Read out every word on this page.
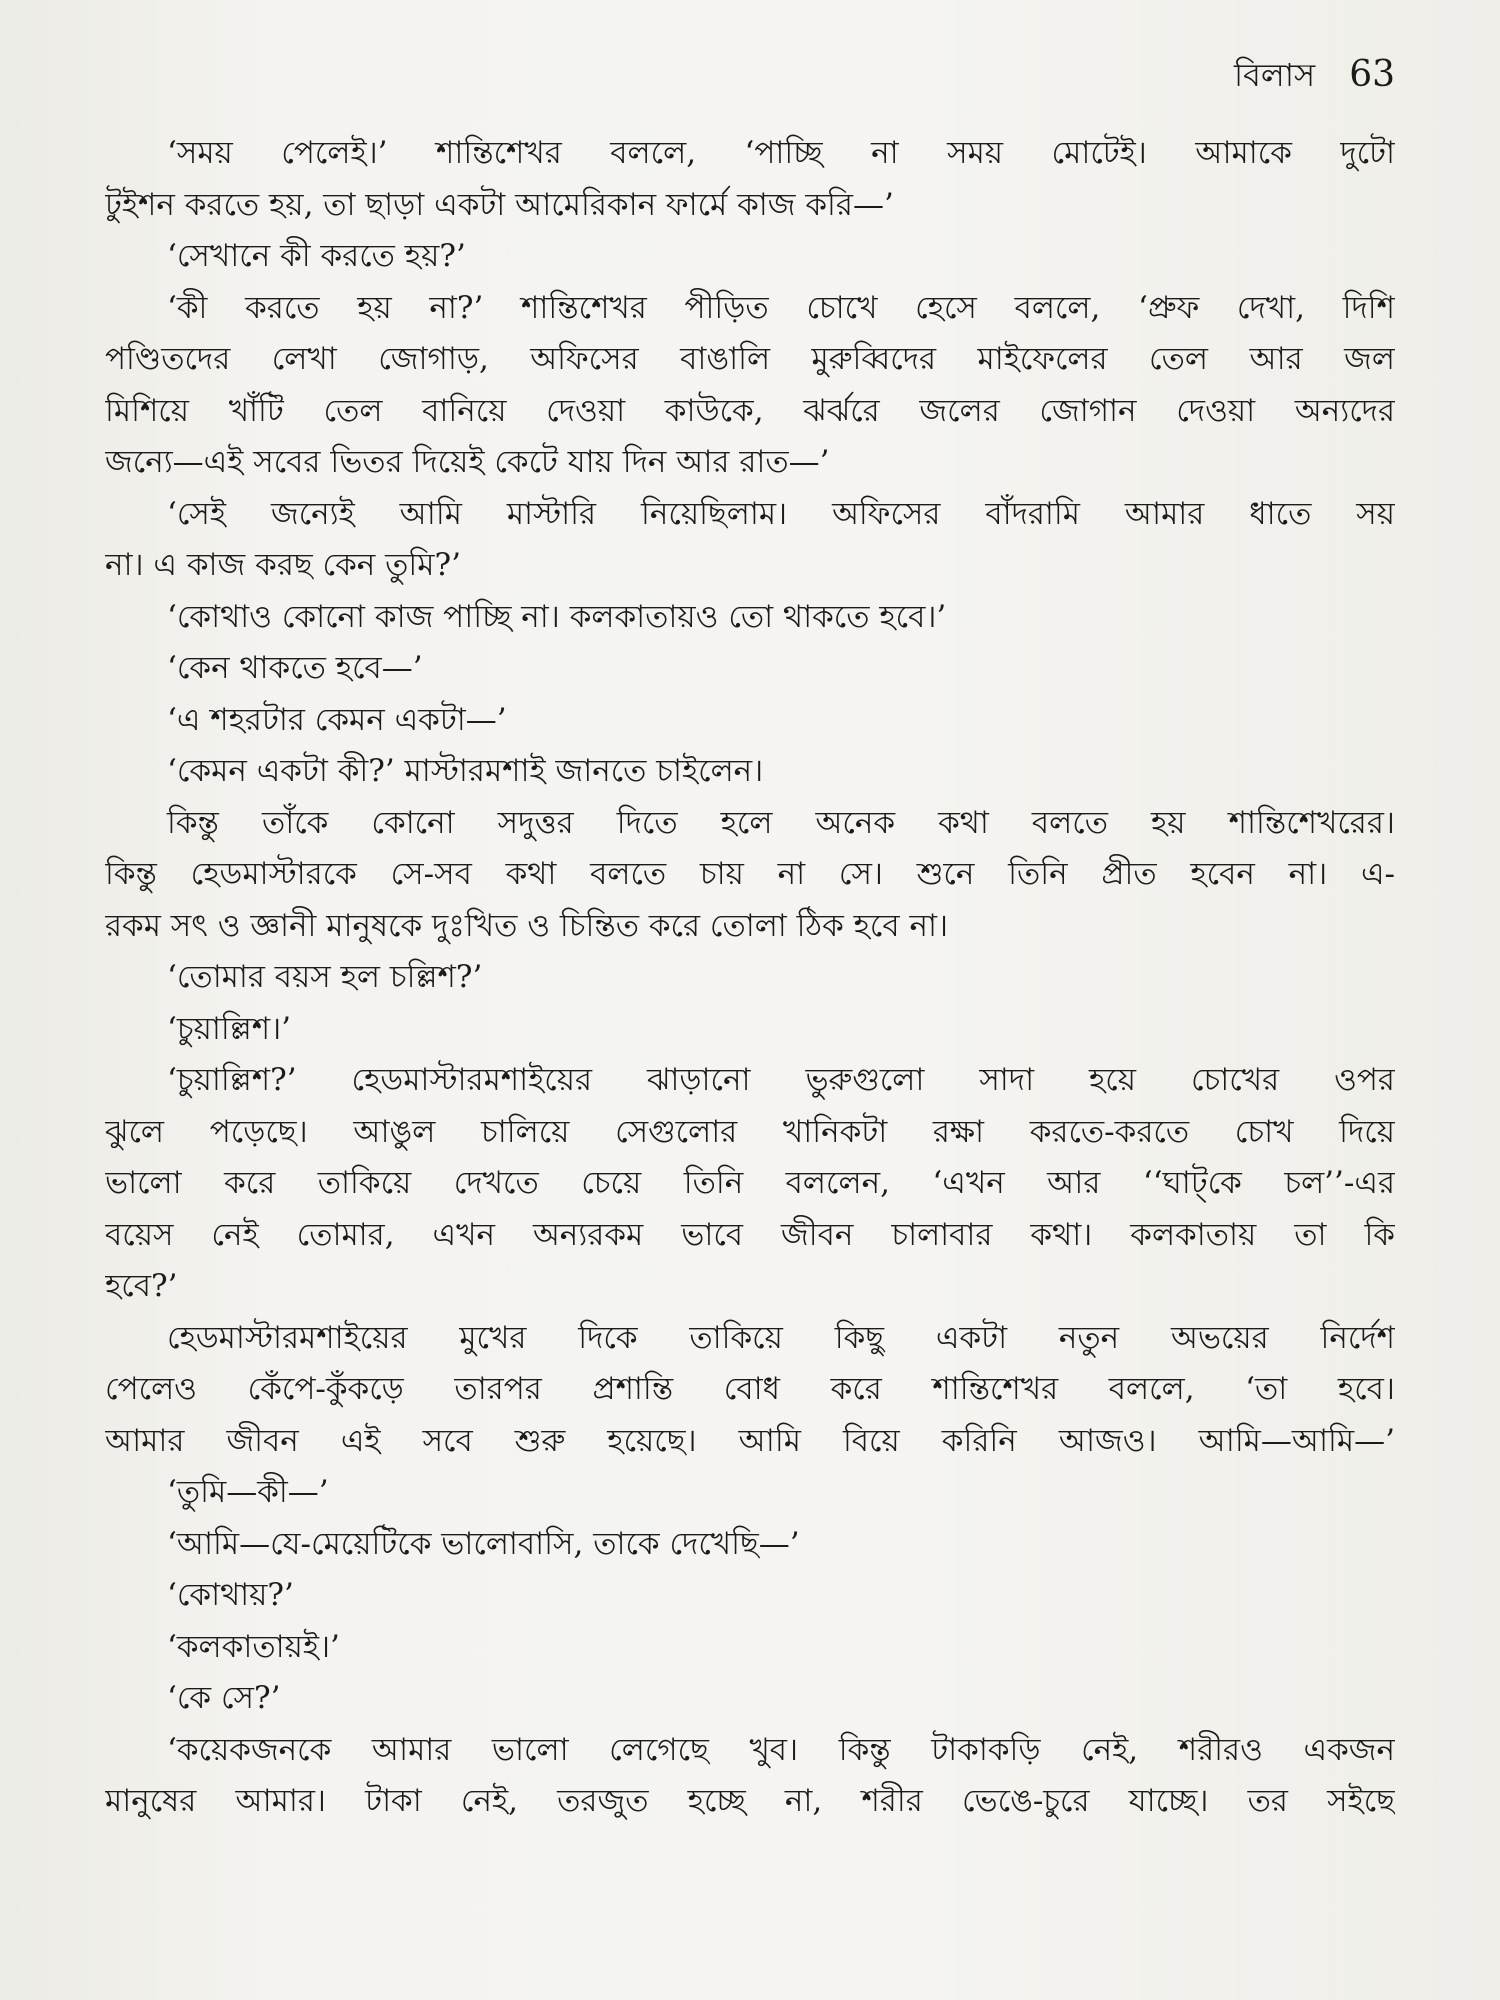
বিলাস 63
‘সময় পেলেই।’ শান্তিশেখর বললে, ‘পাচ্ছি না সময় মোটেই। আমাকে দুটো
টুইশন করতে হয়, তা ছাড়া একটা আমেরিকান ফার্মে কাজ করি—’
‘সেখানে কী করতে হয়?’
‘কী করতে হয় না?’ শান্তিশেখর পীড়িত চোখে হেসে বললে, ‘প্রুফ দেখা, দিশি
পণ্ডিতদের লেখা জোগাড়, অফিসের বাঙালি মুরুব্বিদের মাইফেলের তেল আর জল
মিশিয়ে খাঁটি তেল বানিয়ে দেওয়া কাউকে, ঝর্ঝরে জলের জোগান দেওয়া অন্যদের
জন্যে—এই সবের ভিতর দিয়েই কেটে যায় দিন আর রাত—’
‘সেই জন্যেই আমি মাস্টারি নিয়েছিলাম। অফিসের বাঁদরামি আমার ধাতে সয়
না। এ কাজ করছ কেন তুমি?’
‘কোথাও কোনো কাজ পাচ্ছি না। কলকাতায়ও তো থাকতে হবে।’
‘কেন থাকতে হবে—’
‘এ শহরটার কেমন একটা—’
‘কেমন একটা কী?’ মাস্টারমশাই জানতে চাইলেন।
কিন্তু তাঁকে কোনো সদুত্তর দিতে হলে অনেক কথা বলতে হয় শান্তিশেখরের।
কিন্তু হেডমাস্টারকে সে-সব কথা বলতে চায় না সে। শুনে তিনি প্রীত হবেন না। এ-
রকম সৎ ও জ্ঞানী মানুষকে দুঃখিত ও চিন্তিত করে তোলা ঠিক হবে না।
‘তোমার বয়স হল চল্লিশ?’
‘চুয়াল্লিশ।’
‘চুয়াল্লিশ?’ হেডমাস্টারমশাইয়ের ঝাড়ানো ভুরুগুলো সাদা হয়ে চোখের ওপর
ঝুলে পড়েছে। আঙুল চালিয়ে সেগুলোর খানিকটা রক্ষা করতে-করতে চোখ দিয়ে
ভালো করে তাকিয়ে দেখতে চেয়ে তিনি বললেন, ‘এখন আর ‘‘ঘাট্‌কে চল’’-এর
বয়েস নেই তোমার, এখন অন্যরকম ভাবে জীবন চালাবার কথা। কলকাতায় তা কি
হবে?’
হেডমাস্টারমশাইয়ের মুখের দিকে তাকিয়ে কিছু একটা নতুন অভয়ের নির্দেশ
পেলেও কেঁপে-কুঁকড়ে তারপর প্রশান্তি বোধ করে শান্তিশেখর বললে, ‘তা হবে।
আমার জীবন এই সবে শুরু হয়েছে। আমি বিয়ে করিনি আজও। আমি—আমি—’
‘তুমি—কী—’
‘আমি—যে-মেয়েটিকে ভালোবাসি, তাকে দেখেছি—’
‘কোথায়?’
‘কলকাতায়ই।’
‘কে সে?’
‘কয়েকজনকে আমার ভালো লেগেছে খুব। কিন্তু টাকাকড়ি নেই, শরীরও একজন
মানুষের আমার। টাকা নেই, তরজুত হচ্ছে না, শরীর ভেঙে-চুরে যাচ্ছে। তর সইছে
